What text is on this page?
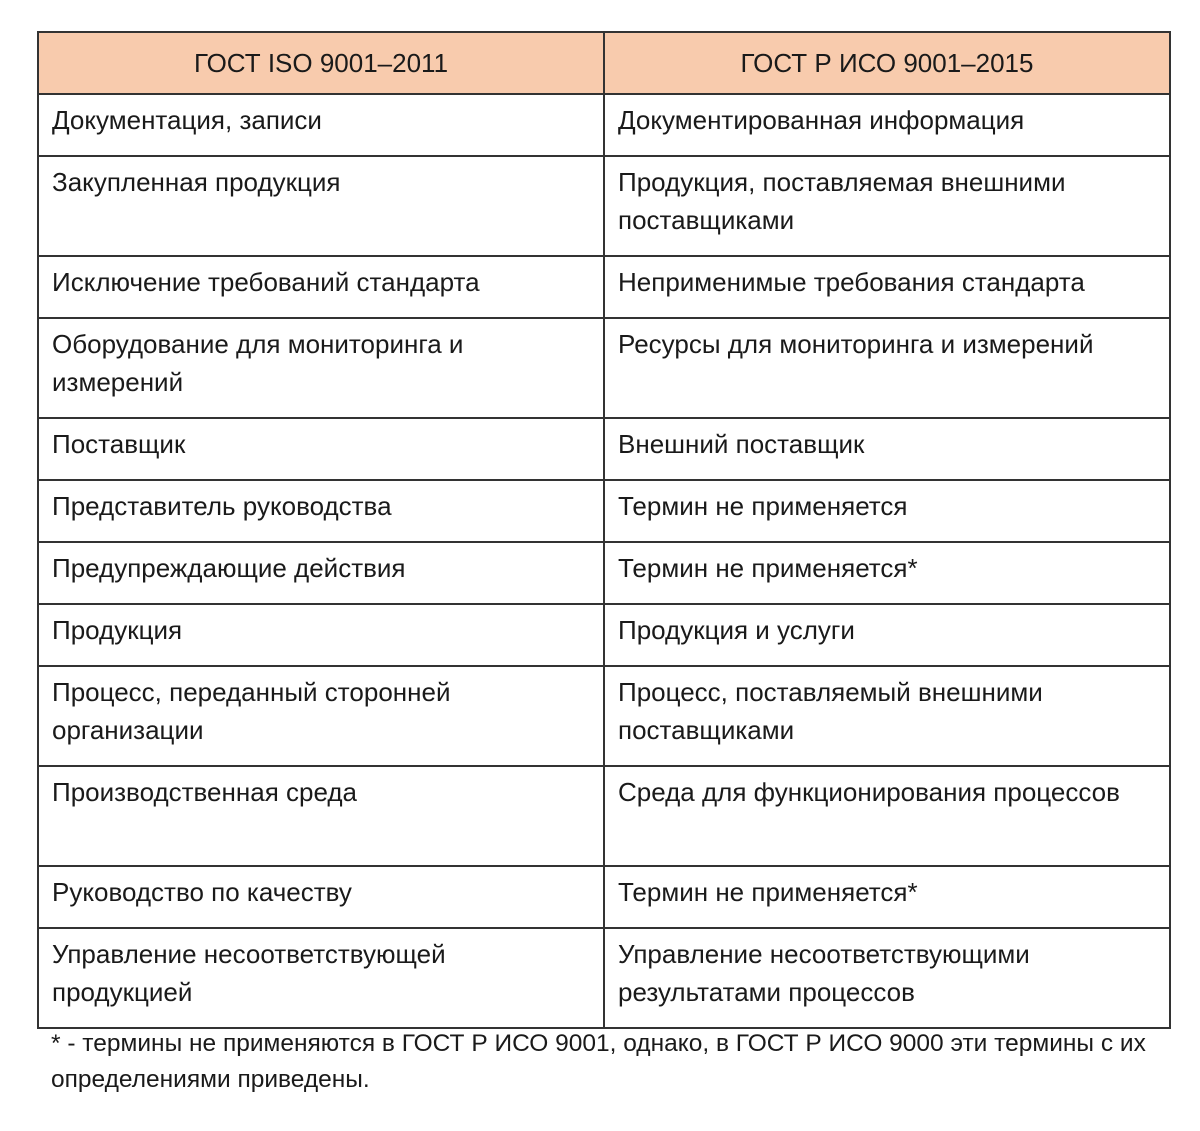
ГОСТ ISO 9001–2011	ГОСТ Р ИСО 9001–2015
Документация, записи	Документированная информация
Закупленная продукция	Продукция, поставляемая внешними поставщиками
Исключение требований стандарта	Неприменимые требования стандарта
Оборудование для мониторинга и измерений	Ресурсы для мониторинга и измерений
Поставщик	Внешний поставщик
Представитель руководства	Термин не применяется
Предупреждающие действия	Термин не применяется*
Продукция	Продукция и услуги
Процесс, переданный сторонней организации	Процесс, поставляемый внешними поставщиками
Производственная среда	Среда для функционирования процессов
Руководство по качеству	Термин не применяется*
Управление несоответствующей продукцией	Управление несоответствующими результатами процессов

* - термины не применяются в ГОСТ Р ИСО 9001, однако, в ГОСТ Р ИСО 9000 эти термины с их определениями приведены.
